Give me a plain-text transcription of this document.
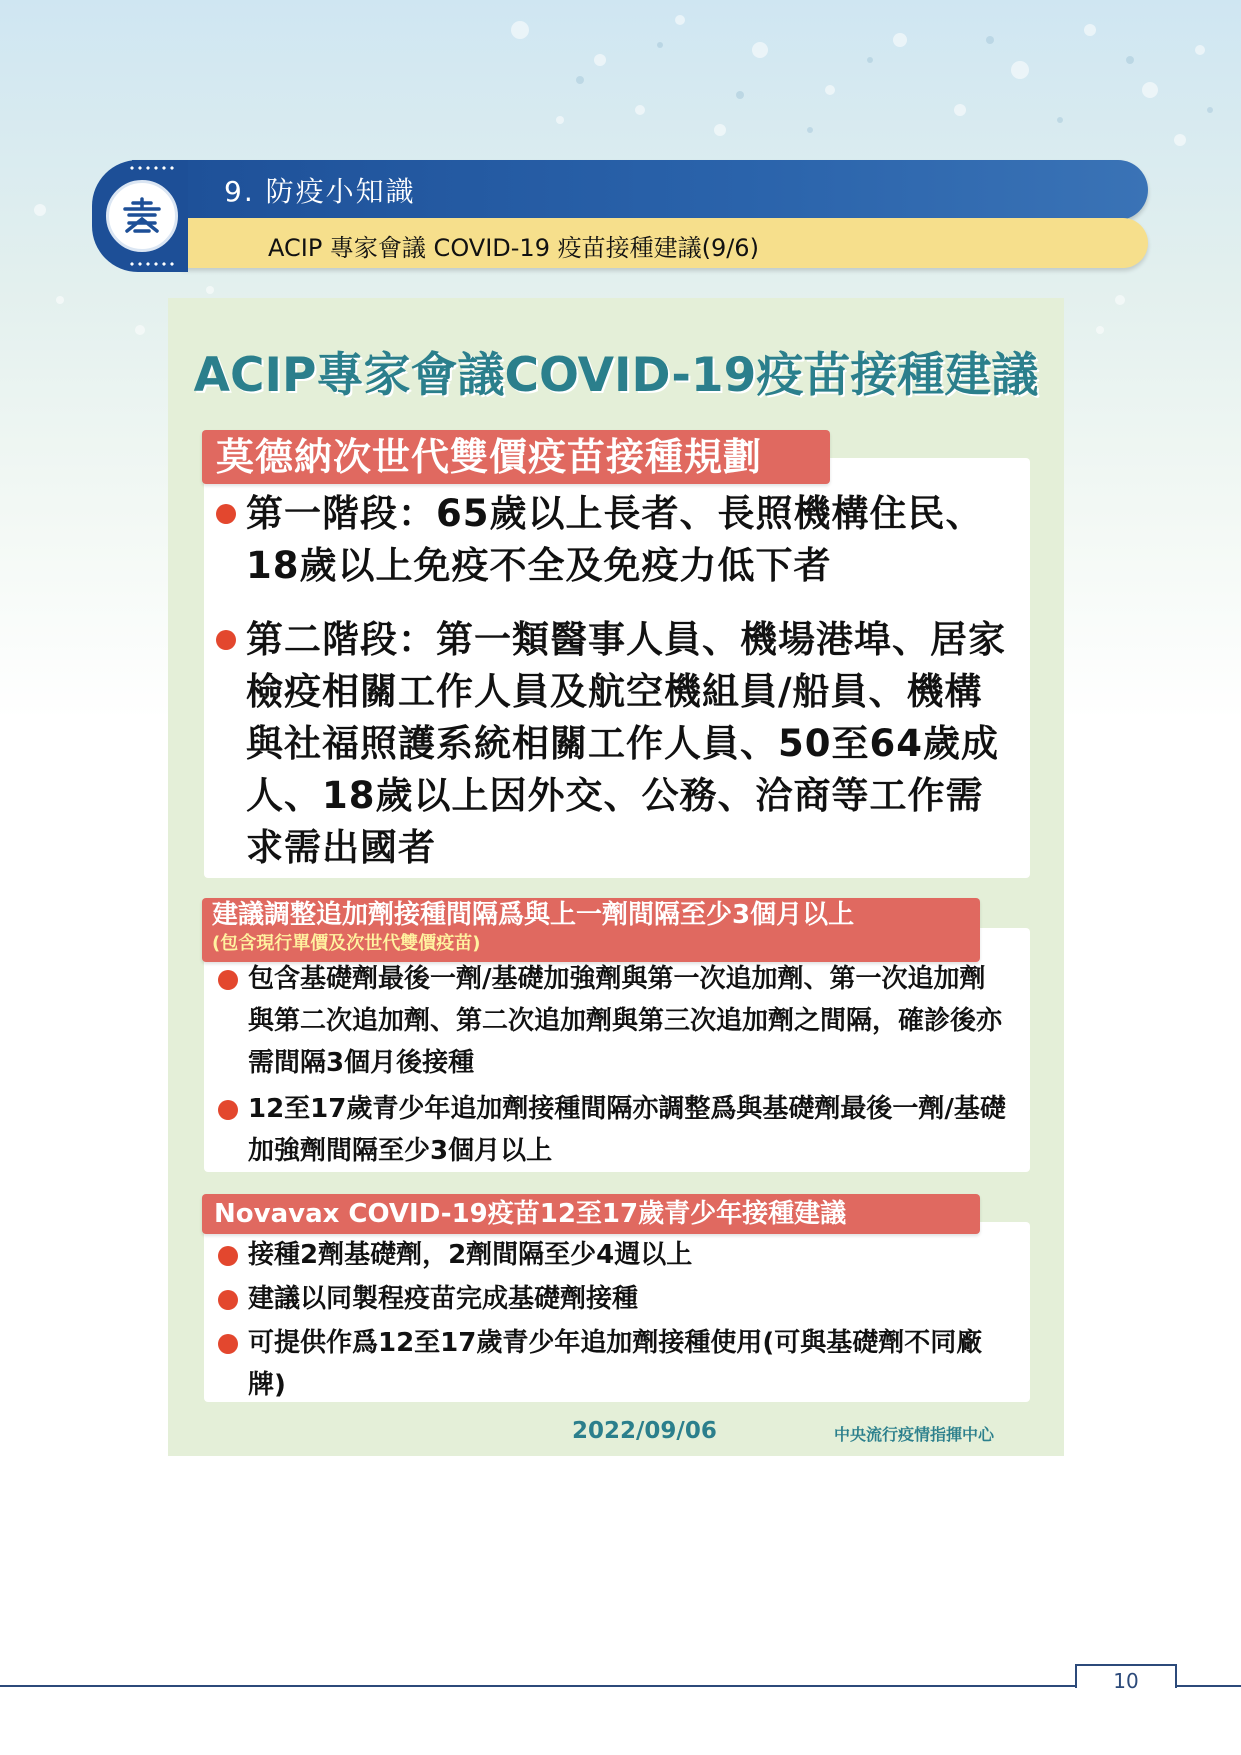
9. 防疫小知識
ACIP 專家會議 COVID-19 疫苗接種建議(9/6)
ACIP專家會議COVID-19疫苗接種建議
莫德納次世代雙價疫苗接種規劃
第一階段：65歲以上長者、長照機構住民、18歲以上免疫不全及免疫力低下者
第二階段：第一類醫事人員、機場港埠、居家檢疫相關工作人員及航空機組員/船員、機構與社福照護系統相關工作人員、50至64歲成人、18歲以上因外交、公務、洽商等工作需求需出國者
建議調整追加劑接種間隔爲與上一劑間隔至少3個月以上
(包含現行單價及次世代雙價疫苗)
包含基礎劑最後一劑/基礎加強劑與第一次追加劑、第一次追加劑與第二次追加劑、第二次追加劑與第三次追加劑之間隔，確診後亦需間隔3個月後接種
12至17歲青少年追加劑接種間隔亦調整爲與基礎劑最後一劑/基礎加強劑間隔至少3個月以上
Novavax COVID-19疫苗12至17歲青少年接種建議
接種2劑基礎劑，2劑間隔至少4週以上
建議以同製程疫苗完成基礎劑接種
可提供作爲12至17歲青少年追加劑接種使用(可與基礎劑不同廠牌)
2022/09/06	中央流行疫情指揮中心
10
